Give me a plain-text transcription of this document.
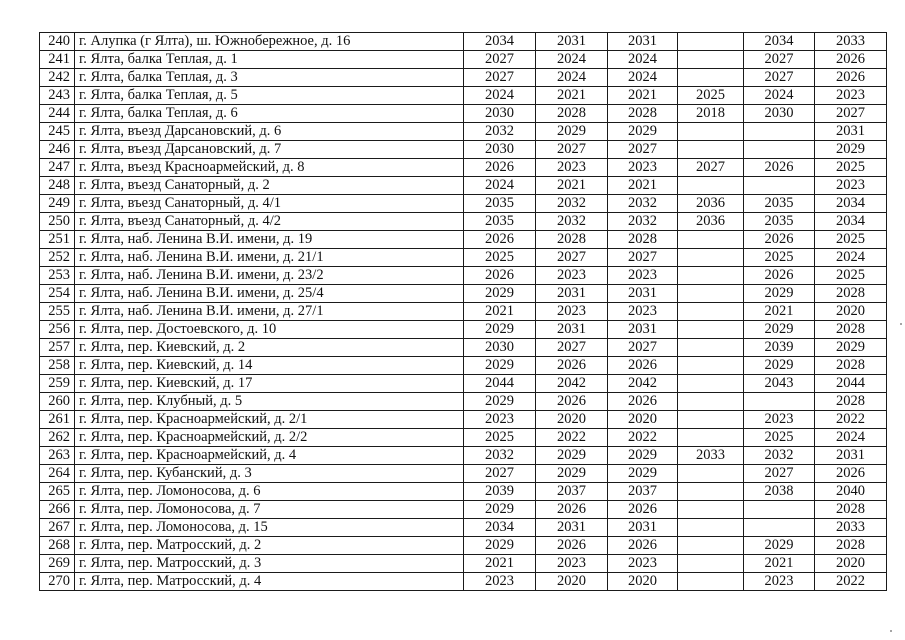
240	г. Алупка (г Ялта), ш. Южнобережное, д. 16	2034	2031	2031		2034	2033
241	г. Ялта, балка Теплая, д. 1	2027	2024	2024		2027	2026
242	г. Ялта, балка Теплая, д. 3	2027	2024	2024		2027	2026
243	г. Ялта, балка Теплая, д. 5	2024	2021	2021	2025	2024	2023
244	г. Ялта, балка Теплая, д. 6	2030	2028	2028	2018	2030	2027
245	г. Ялта, въезд Дарсановский, д. 6	2032	2029	2029			2031
246	г. Ялта, въезд Дарсановский, д. 7	2030	2027	2027			2029
247	г. Ялта, въезд Красноармейский, д. 8	2026	2023	2023	2027	2026	2025
248	г. Ялта, въезд Санаторный, д. 2	2024	2021	2021			2023
249	г. Ялта, въезд Санаторный, д. 4/1	2035	2032	2032	2036	2035	2034
250	г. Ялта, въезд Санаторный, д. 4/2	2035	2032	2032	2036	2035	2034
251	г. Ялта, наб. Ленина В.И. имени, д. 19	2026	2028	2028		2026	2025
252	г. Ялта, наб. Ленина В.И. имени, д. 21/1	2025	2027	2027		2025	2024
253	г. Ялта, наб. Ленина В.И. имени, д. 23/2	2026	2023	2023		2026	2025
254	г. Ялта, наб. Ленина В.И. имени, д. 25/4	2029	2031	2031		2029	2028
255	г. Ялта, наб. Ленина В.И. имени, д. 27/1	2021	2023	2023		2021	2020
256	г. Ялта, пер. Достоевского, д. 10	2029	2031	2031		2029	2028
257	г. Ялта, пер. Киевский, д. 2	2030	2027	2027		2039	2029
258	г. Ялта, пер. Киевский, д. 14	2029	2026	2026		2029	2028
259	г. Ялта, пер. Киевский, д. 17	2044	2042	2042		2043	2044
260	г. Ялта, пер. Клубный, д. 5	2029	2026	2026			2028
261	г. Ялта, пер. Красноармейский, д. 2/1	2023	2020	2020		2023	2022
262	г. Ялта, пер. Красноармейский, д. 2/2	2025	2022	2022		2025	2024
263	г. Ялта, пер. Красноармейский, д. 4	2032	2029	2029	2033	2032	2031
264	г. Ялта, пер. Кубанский, д. 3	2027	2029	2029		2027	2026
265	г. Ялта, пер. Ломоносова, д. 6	2039	2037	2037		2038	2040
266	г. Ялта, пер. Ломоносова, д. 7	2029	2026	2026			2028
267	г. Ялта, пер. Ломоносова, д. 15	2034	2031	2031			2033
268	г. Ялта, пер. Матросский, д. 2	2029	2026	2026		2029	2028
269	г. Ялта, пер. Матросский, д. 3	2021	2023	2023		2021	2020
270	г. Ялта, пер. Матросский, д. 4	2023	2020	2020		2023	2022
